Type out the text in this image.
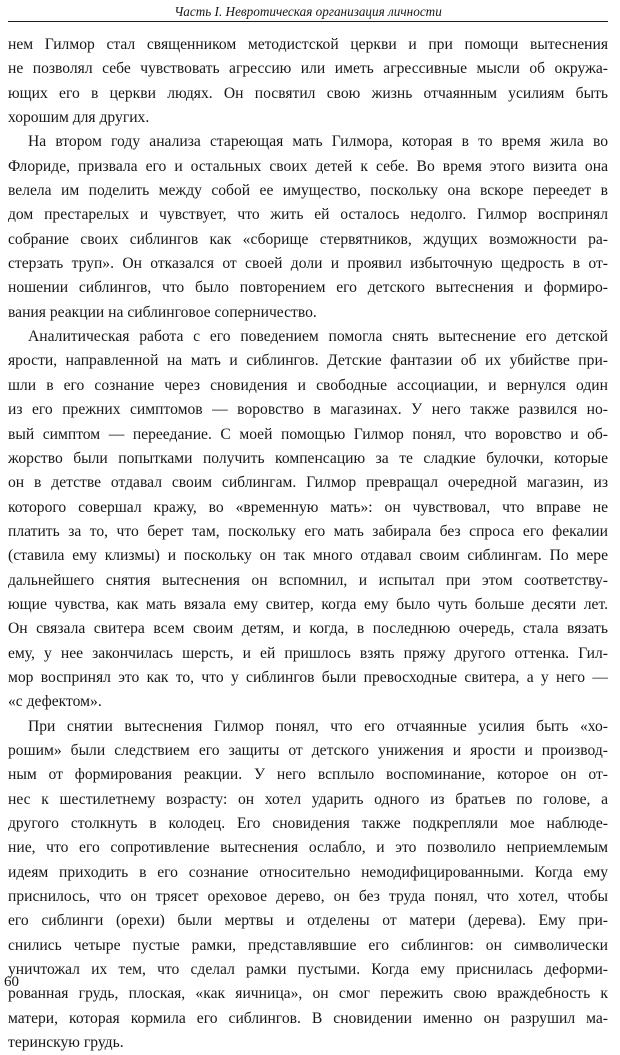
Часть I. Невротическая организация личности
нем Гилмор стал священником методистской церкви и при помощи вытеснения
не позволял себе чувствовать агрессию или иметь агрессивные мысли об окружа-
ющих его в церкви людях. Он посвятил свою жизнь отчаянным усилиям быть
хорошим для других.
На втором году анализа стареющая мать Гилмора, которая в то время жила во
Флориде, призвала его и остальных своих детей к себе. Во время этого визита она
велела им поделить между собой ее имущество, поскольку она вскоре переедет в
дом престарелых и чувствует, что жить ей осталось недолго. Гилмор воспринял
собрание своих сиблингов как «сборище стервятников, ждущих возможности ра-
стерзать труп». Он отказался от своей доли и проявил избыточную щедрость в от-
ношении сиблингов, что было повторением его детского вытеснения и формиро-
вания реакции на сиблинговое соперничество.
Аналитическая работа с его поведением помогла снять вытеснение его детской
ярости, направленной на мать и сиблингов. Детские фантазии об их убийстве при-
шли в его сознание через сновидения и свободные ассоциации, и вернулся один
из его прежних симптомов — воровство в магазинах. У него также развился но-
вый симптом — переедание. С моей помощью Гилмор понял, что воровство и об-
жорство были попытками получить компенсацию за те сладкие булочки, которые
он в детстве отдавал своим сиблингам. Гилмор превращал очередной магазин, из
которого совершал кражу, во «временную мать»: он чувствовал, что вправе не
платить за то, что берет там, поскольку его мать забирала без спроса его фекалии
(ставила ему клизмы) и поскольку он так много отдавал своим сиблингам. По мере
дальнейшего снятия вытеснения он вспомнил, и испытал при этом соответству-
ющие чувства, как мать вязала ему свитер, когда ему было чуть больше десяти лет.
Он связала свитера всем своим детям, и когда, в последнюю очередь, стала вязать
ему, у нее закончилась шерсть, и ей пришлось взять пряжу другого оттенка. Гил-
мор воспринял это как то, что у сиблингов были превосходные свитера, а у него —
«с дефектом».
При снятии вытеснения Гилмор понял, что его отчаянные усилия быть «хо-
рошим» были следствием его защиты от детского унижения и ярости и производ-
ным от формирования реакции. У него всплыло воспоминание, которое он от-
нес к шестилетнему возрасту: он хотел ударить одного из братьев по голове, а
другого столкнуть в колодец. Его сновидения также подкрепляли мое наблюде-
ние, что его сопротивление вытеснения ослабло, и это позволило неприемлемым
идеям приходить в его сознание относительно немодифицированными. Когда ему
приснилось, что он трясет ореховое дерево, он без труда понял, что хотел, чтобы
его сиблинги (орехи) были мертвы и отделены от матери (дерева). Ему при-
снились четыре пустые рамки, представлявшие его сиблингов: он символически
уничтожал их тем, что сделал рамки пустыми. Когда ему приснилась деформи-
рованная грудь, плоская, «как яичница», он смог пережить свою враждебность к
матери, которая кормила его сиблингов. В сновидении именно он разрушил ма-
теринскую грудь.
60
